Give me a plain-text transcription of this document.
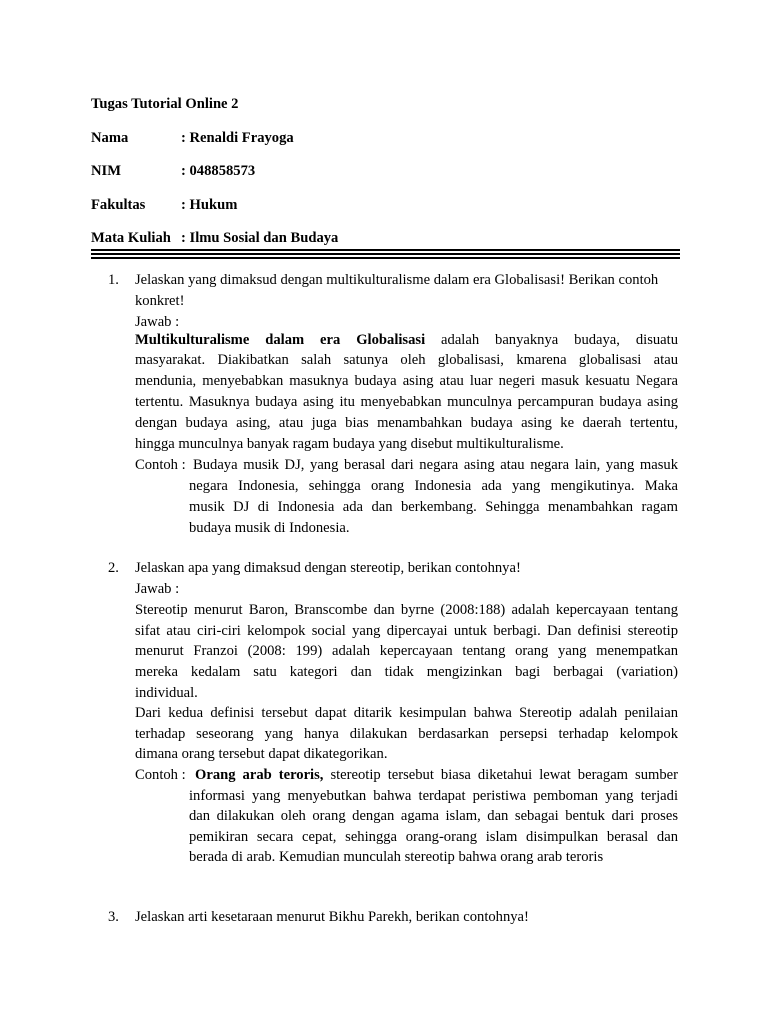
Tugas Tutorial Online 2
Nama	: Renaldi Frayoga
NIM	: 048858573
Fakultas : Hukum
Mata Kuliah : Ilmu Sosial dan Budaya
1. Jelaskan yang dimaksud dengan multikulturalisme dalam era Globalisasi! Berikan contoh
konkret!
Jawab :
Multikulturalisme dalam era Globalisasi adalah banyaknya budaya, disuatu
masyarakat. Diakibatkan salah satunya oleh globalisasi, kmarena globalisasi atau
mendunia, menyebabkan masuknya budaya asing atau luar negeri masuk kesuatu Negara
tertentu. Masuknya budaya asing itu menyebabkan munculnya percampuran budaya asing
dengan budaya asing, atau juga bias menambahkan budaya asing ke daerah tertentu,
hingga munculnya banyak ragam budaya yang disebut multikulturalisme.
Contoh : Budaya musik DJ, yang berasal dari negara asing atau negara lain, yang masuk
negara Indonesia, sehingga orang Indonesia ada yang mengikutinya. Maka
musik DJ di Indonesia ada dan berkembang. Sehingga menambahkan ragam
budaya musik di Indonesia.
2. Jelaskan apa yang dimaksud dengan stereotip, berikan contohnya!
Jawab :
Stereotip menurut Baron, Branscombe dan byrne (2008:188) adalah kepercayaan tentang
sifat atau ciri-ciri kelompok social yang dipercayai untuk berbagi. Dan definisi stereotip
menurut Franzoi (2008: 199) adalah kepercayaan tentang orang yang menempatkan
mereka kedalam satu kategori dan tidak mengizinkan bagi berbagai (variation)
individual.
Dari kedua definisi tersebut dapat ditarik kesimpulan bahwa Stereotip adalah penilaian
terhadap seseorang yang hanya dilakukan berdasarkan persepsi terhadap kelompok
dimana orang tersebut dapat dikategorikan.
Contoh : Orang arab teroris, stereotip tersebut biasa diketahui lewat beragam sumber
informasi yang menyebutkan bahwa terdapat peristiwa pemboman yang terjadi
dan dilakukan oleh orang dengan agama islam, dan sebagai bentuk dari proses
pemikiran secara cepat, sehingga orang-orang islam disimpulkan berasal dan
berada di arab. Kemudian munculah stereotip bahwa orang arab teroris
3. Jelaskan arti kesetaraan menurut Bikhu Parekh, berikan contohnya!
